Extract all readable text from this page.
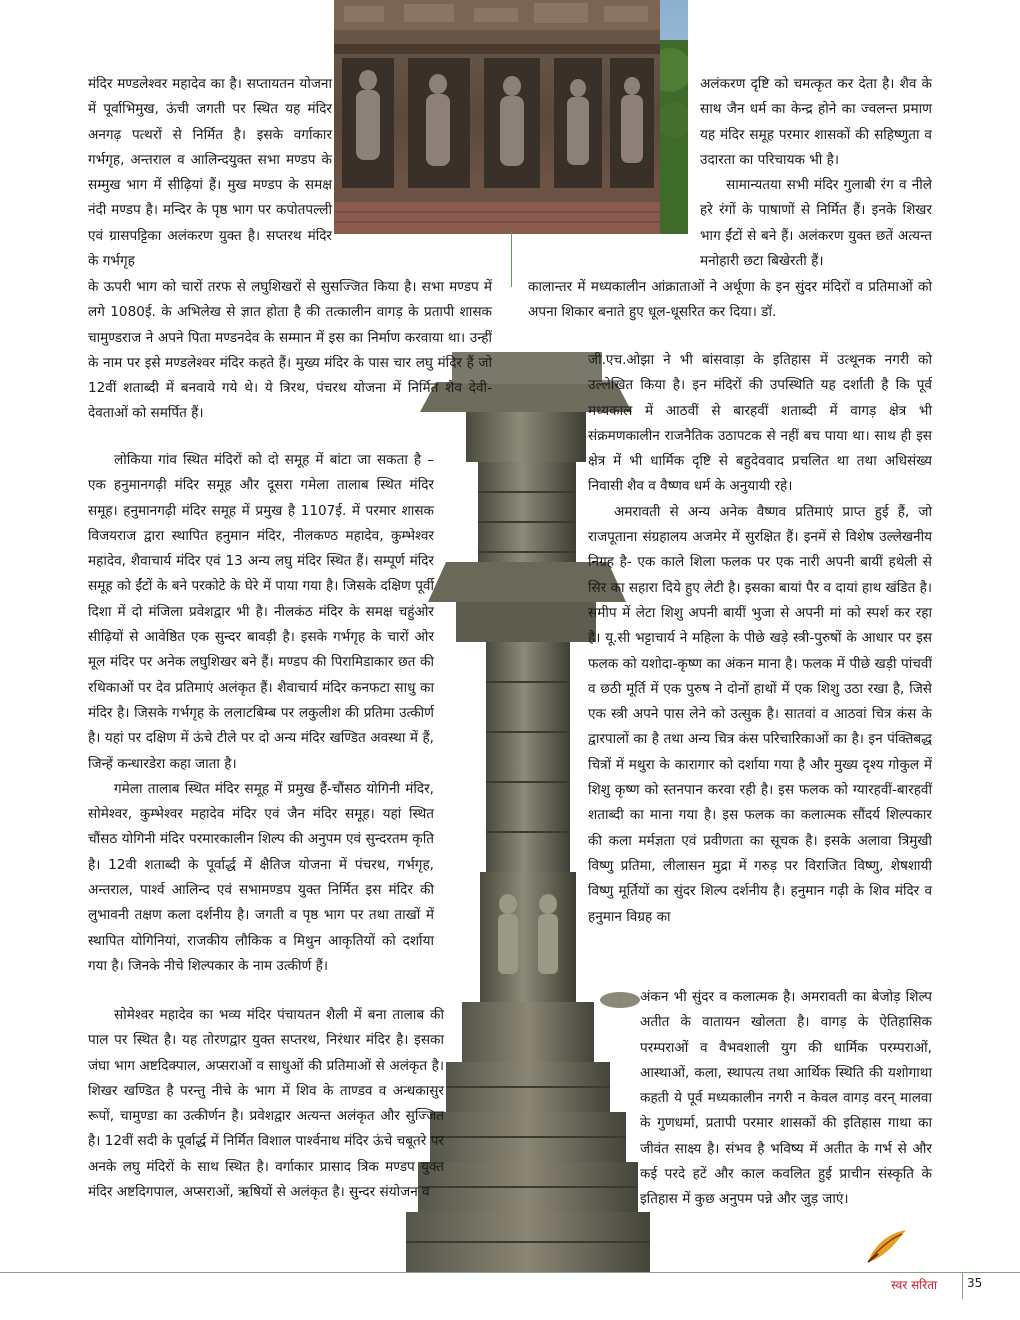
मंदिर मण्डलेश्वर महादेव का है। सप्तायतन योजना में पूर्वाभिमुख, ऊंची जगती पर स्थित यह मंदिर अनगढ़ पत्थरों से निर्मित है। इसके वर्गाकार गर्भगृह, अन्तराल व आलिन्दयुक्त सभा मण्डप के सम्मुख भाग में सीढ़ियां हैं। मुख मण्डप के समक्ष नंदी मण्डप है। मन्दिर के पृष्ठ भाग पर कपोतपल्ली एवं ग्रासपट्टिका अलंकरण युक्त है। सप्तरथ मंदिर के गर्भगृह

के ऊपरी भाग को चारों तरफ से लघुशिखरों से सुसज्जित किया है। सभा मण्डप में लगे 1080ई. के अभिलेख से ज्ञात होता है की तत्कालीन वागड़ के प्रतापी शासक चामुण्डराज ने अपने पिता मण्डनदेव के सम्मान में इस का निर्माण करवाया था। उन्हीं के नाम पर इसे मण्डलेश्वर मंदिर कहते हैं। मुख्य मंदिर के पास चार लघु मंदिर हैं जो 12वीं शताब्दी में बनवाये गये थे। ये त्रिरथ, पंचरथ योजना में निर्मित शैव देवी-देवताओं को समर्पित हैं।

लोकिया गांव स्थित मंदिरों को दो समूह में बांटा जा सकता है – एक हनुमानगढ़ी मंदिर समूह और दूसरा गमेला तालाब स्थित मंदिर समूह। हनुमानगढ़ी मंदिर समूह में प्रमुख है 1107ई. में परमार शासक विजयराज द्वारा स्थापित हनुमान मंदिर, नीलकण्ठ महादेव, कुम्भेश्वर महादेव, शैवाचार्य मंदिर एवं 13 अन्य लघु मंदिर स्थित हैं। सम्पूर्ण मंदिर समूह को ईंटों के बने परकोटे के घेरे में पाया गया है। जिसके दक्षिण पूर्वी दिशा में दो मंजिला प्रवेशद्वार भी है। नीलकंठ मंदिर के समक्ष चहुंओर सीढ़ियों से आवेष्ठित एक सुन्दर बावड़ी है। इसके गर्भगृह के चारों ओर मूल मंदिर पर अनेक लघुशिखर बने हैं। मण्डप की पिरामिडाकार छत की रथिकाओं पर देव प्रतिमाएं अलंकृत हैं। शैवाचार्य मंदिर कनफटा साधु का मंदिर है। जिसके गर्भगृह के ललाटबिम्ब पर लकुलीश की प्रतिमा उत्कीर्ण है। यहां पर दक्षिण में ऊंचे टीले पर दो अन्य मंदिर खण्डित अवस्था में हैं, जिन्हें कन्धारडेरा कहा जाता है।

गमेला तालाब स्थित मंदिर समूह में प्रमुख हैं-चौंसठ योगिनी मंदिर, सोमेश्वर, कुम्भेश्वर महादेव मंदिर एवं जैन मंदिर समूह। यहां स्थित चौंसठ योगिनी मंदिर परमारकालीन शिल्प की अनुपम एवं सुन्दरतम कृति है। 12वी शताब्दी के पूर्वार्द्ध में क्षैतिज योजना में पंचरथ, गर्भगृह, अन्तराल, पार्श्व आलिन्द एवं सभामण्डप युक्त निर्मित इस मंदिर की लुभावनी तक्षण कला दर्शनीय है। जगती व पृष्ठ भाग पर तथा ताखों में स्थापित योगिनियां, राजकीय लौकिक व मिथुन आकृतियों को दर्शाया गया है। जिनके नीचे शिल्पकार के नाम उत्कीर्ण हैं।

सोमेश्वर महादेव का भव्य मंदिर पंचायतन शैली में बना तालाब की पाल पर स्थित है। यह तोरणद्वार युक्त सप्तरथ, निरंधार मंदिर है। इसका जंघा भाग अष्टदिक्पाल, अप्सराओं व साधुओं की प्रतिमाओं से अलंकृत है। शिखर खण्डित है परन्तु नीचे के भाग में शिव के ताण्डव व अन्धकासुर रूपों, चामुण्डा का उत्कीर्णन है। प्रवेशद्वार अत्यन्त अलंकृत और सुज्जित है। 12वीं सदी के पूर्वार्द्ध में निर्मित विशाल पार्श्वनाथ मंदिर ऊंचे चबूतरे पर अनके लघु मंदिरों के साथ स्थित है। वर्गाकार प्रासाद त्रिक मण्डप युक्त मंदिर अष्टदिगपाल, अप्सराओं, ऋषियों से अलंकृत है। सुन्दर संयोजन व

अलंकरण दृष्टि को चमत्कृत कर देता है। शैव के साथ जैन धर्म का केन्द्र होने का ज्वलन्त प्रमाण यह मंदिर समूह परमार शासकों की सहिष्णुता व उदारता का परिचायक भी है।

सामान्यतया सभी मंदिर गुलाबी रंग व नीले हरे रंगों के पाषाणों से निर्मित हैं। इनके शिखर भाग ईंटों से बने हैं। अलंकरण युक्त छतें अत्यन्त मनोहारी छटा बिखेरती हैं।

कालान्तर में मध्यकालीन आंक्राताओं ने अर्थूणा के इन सुंदर मंदिरों व प्रतिमाओं को अपना शिकार बनाते हुए धूल-धूसरित कर दिया। डॉ.

जी.एच.ओझा ने भी बांसवाड़ा के इतिहास में उत्थूनक नगरी को उल्लेखित किया है। इन मंदिरों की उपस्थिति यह दर्शाती है कि पूर्व मध्यकाल में आठवीं से बारहवीं शताब्दी में वागड़ क्षेत्र भी संक्रमणकालीन राजनैतिक उठापटक से नहीं बच पाया था। साथ ही इस क्षेत्र में भी धार्मिक दृष्टि से बहुदेववाद प्रचलित था तथा अधिसंख्य निवासी शैव व वैष्णव धर्म के अनुयायी रहे।

अमरावती से अन्य अनेक वैष्णव प्रतिमाएं प्राप्त हुई हैं, जो राजपूताना संग्रहालय अजमेर में सुरक्षित हैं। इनमें से विशेष उल्लेखनीय निग्रह है- एक काले शिला फलक पर एक नारी अपनी बायीं हथेली से सिर का सहारा दिये हुए लेटी है। इसका बायां पैर व दायां हाथ खंडित है। समीप में लेटा शिशु अपनी बायीं भुजा से अपनी मां को स्पर्श कर रहा है। यू.सी भट्टाचार्य ने महिला के पीछे खड़े स्त्री-पुरुषों के आधार पर इस फलक को यशोदा-कृष्ण का अंकन माना है। फलक में पीछे खड़ी पांचवीं व छठी मूर्ति में एक पुरुष ने दोनों हाथों में एक शिशु उठा रखा है, जिसे एक स्त्री अपने पास लेने को उत्सुक है। सातवां व आठवां चित्र कंस के द्वारपालों का है तथा अन्य चित्र कंस परिचारिकाओं का है। इन पंक्तिबद्ध चित्रों में मथुरा के कारागार को दर्शाया गया है और मुख्य दृश्य गोकुल में शिशु कृष्ण को स्तनपान करवा रही है। इस फलक को ग्यारहवीं-बारहवीं शताब्दी का माना गया है। इस फलक का कलात्मक सौंदर्य शिल्पकार की कला मर्मज्ञता एवं प्रवीणता का सूचक है। इसके अलावा त्रिमुखी विष्णु प्रतिमा, लीलासन मुद्रा में गरुड़ पर विराजित विष्णु, शेषशायी विष्णु मूर्तियों का सुंदर शिल्प दर्शनीय है। हनुमान गढ़ी के शिव मंदिर व हनुमान विग्रह का

अंकन भी सुंदर व कलात्मक है। अमरावती का बेजोड़ शिल्प अतीत के वातायन खोलता है। वागड़ के ऐतिहासिक परम्पराओं व वैभवशाली युग की धार्मिक परम्पराओं, आस्थाओं, कला, स्थापत्य तथा आर्थिक स्थिति की यशोगाथा कहती ये पूर्व मध्यकालीन नगरी न केवल वागड़ वरन् मालवा के गुणधर्मा, प्रतापी परमार शासकों की इतिहास गाथा का जीवंत साक्ष्य है। संभव है भविष्य में अतीत के गर्भ से और कई परदे हटें और काल कवलित हुई प्राचीन संस्कृति के इतिहास में कुछ अनुपम पन्ने और जुड़ जाएं।

स्वर सरिता 35
